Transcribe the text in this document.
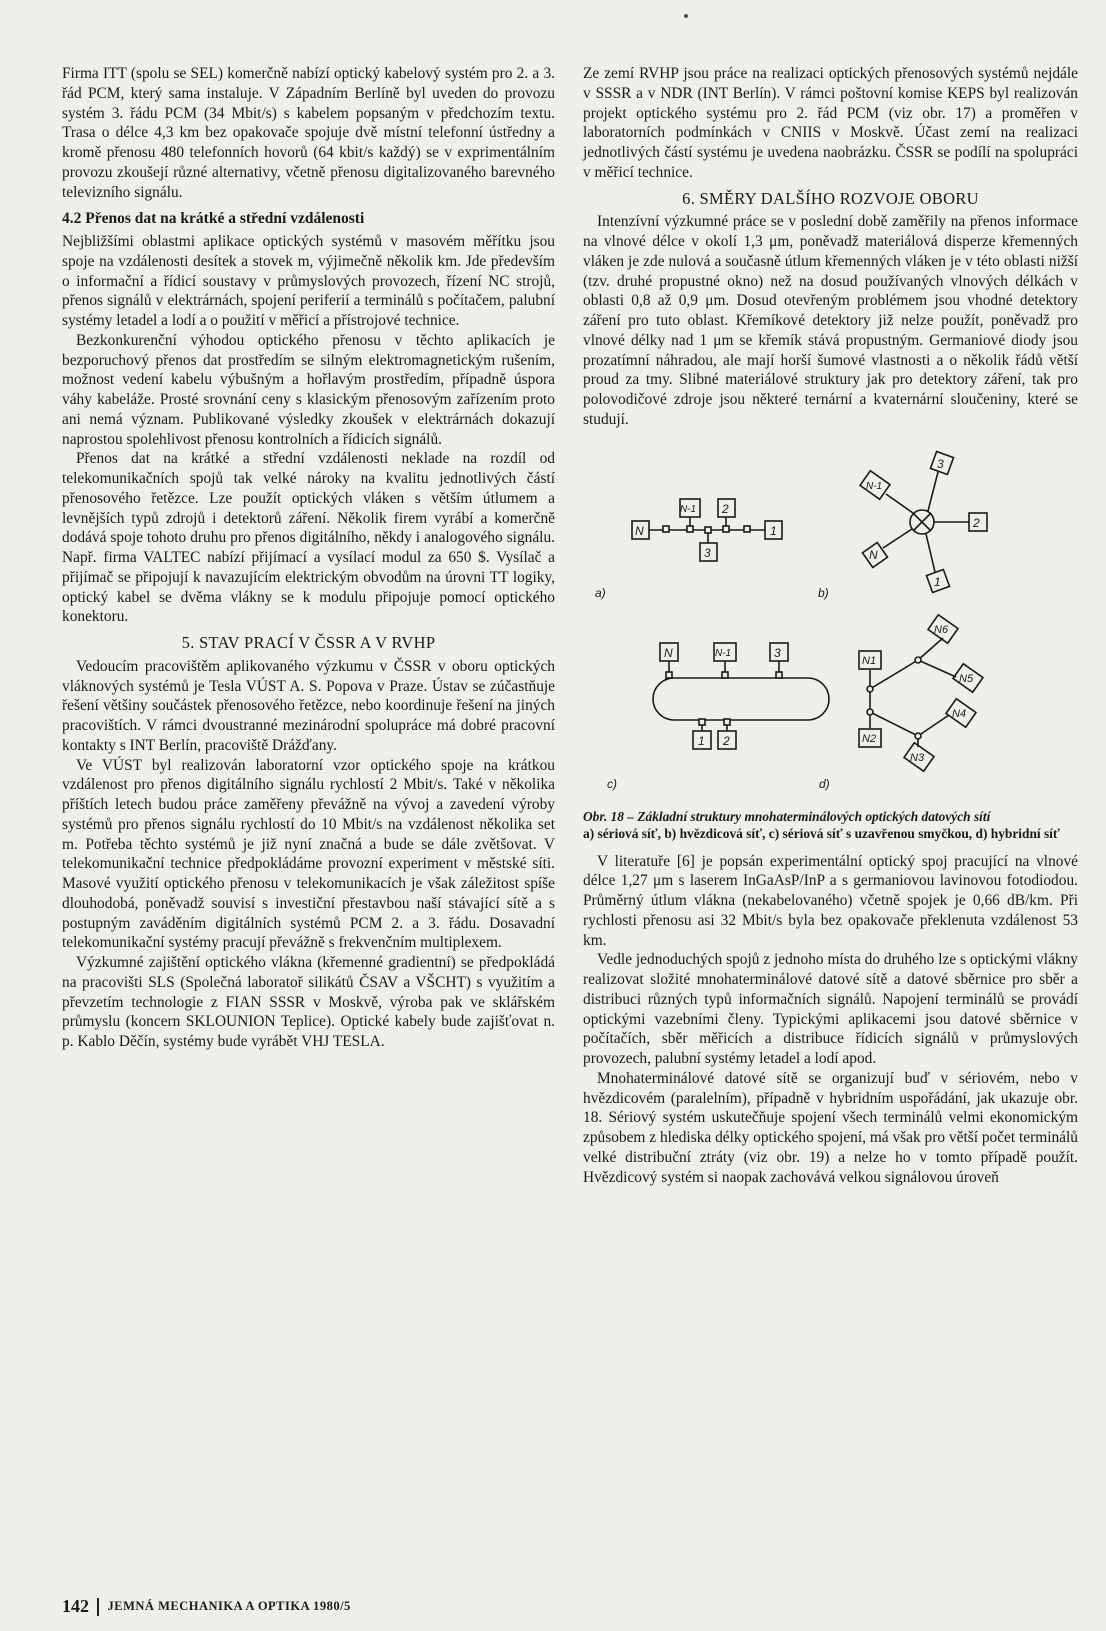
Firma ITT (spolu se SEL) komerčně nabízí optický kabelový systém pro 2. a 3. řád PCM, který sama instaluje. V Západním Berlíně byl uveden do provozu systém 3. řádu PCM (34 Mbit/s) s kabelem popsaným v předchozím textu. Trasa o délce 4,3 km bez opakovače spojuje dvě místní telefonní ústředny a kromě přenosu 480 telefonních hovorů (64 kbit/s každý) se v exprimentálním provozu zkoušejí různé alternativy, včetně přenosu digitalizovaného barevného televizního signálu.

4.2 Přenos dat na krátké a střední vzdálenosti

Nejbližšími oblastmi aplikace optických systémů v masovém měřítku jsou spoje na vzdálenosti desítek a stovek m, výjimečně několik km. Jde především o informační a řídicí soustavy v průmyslových provozech, řízení NC strojů, přenos signálů v elektrárnách, spojení periferií a terminálů s počítačem, palubní systémy letadel a lodí a o použití v měřicí a přístrojové technice.

Bezkonkurenční výhodou optického přenosu v těchto aplikacích je bezporuchový přenos dat prostředím se silným elektromagnetickým rušením, možnost vedení kabelu výbušným a hořlavým prostředím, případně úspora váhy kabeláže. Prosté srovnání ceny s klasickým přenosovým zařízením proto ani nemá význam. Publikované výsledky zkoušek v elektrárnách dokazují naprostou spolehlivost přenosu kontrolních a řídicích signálů.

Přenos dat na krátké a střední vzdálenosti neklade na rozdíl od telekomunikačních spojů tak velké nároky na kvalitu jednotlivých částí přenosového řetězce. Lze použít optických vláken s větším útlumem a levnějších typů zdrojů i detektorů záření. Několik firem vyrábí a komerčně dodává spoje tohoto druhu pro přenos digitálního, někdy i analogového signálu. Např. firma VALTEC nabízí přijímací a vysílací modul za 650 $. Vysílač a přijímač se připojují k navazujícím elektrickým obvodům na úrovni TT logiky, optický kabel se dvěma vlákny se k modulu připojuje pomocí optického konektoru.

5. STAV PRACÍ V ČSSR A V RVHP

Vedoucím pracovištěm aplikovaného výzkumu v ČSSR v oboru optických vláknových systémů je Tesla VÚST A. S. Popova v Praze. Ústav se zúčastňuje řešení většiny součástek přenosového řetězce, nebo koordinuje řešení na jiných pracovištích. V rámci dvoustranné mezinárodní spolupráce má dobré pracovní kontakty s INT Berlín, pracoviště Drážďany.

Ve VÚST byl realizován laboratorní vzor optického spoje na krátkou vzdálenost pro přenos digitálního signálu rychlostí 2 Mbit/s. Také v několika příštích letech budou práce zaměřeny převážně na vývoj a zavedení výroby systémů pro přenos signálu rychlostí do 10 Mbit/s na vzdálenost několika set m. Potřeba těchto systémů je již nyní značná a bude se dále zvětšovat. V telekomunikační technice předpokládáme provozní experiment v městské síti. Masové využití optického přenosu v telekomunikacích je však záležitost spíše dlouhodobá, poněvadž souvisí s investiční přestavbou naší stávající sítě a s postupným zaváděním digitálních systémů PCM 2. a 3. řádu. Dosavadní telekomunikační systémy pracují převážně s frekvenčním multiplexem.

Výzkumné zajištění optického vlákna (křemenné gradientní) se předpokládá na pracovišti SLS (Společná laboratoř silikátů ČSAV a VŠCHT) s využitím a převzetím technologie z FIAN SSSR v Moskvě, výroba pak ve sklářském průmyslu (koncern SKLOUNION Teplice). Optické kabely bude zajišťovat n. p. Kablo Děčín, systémy bude vyrábět VHJ TESLA.

Ze zemí RVHP jsou práce na realizaci optických přenosových systémů nejdále v SSSR a v NDR (INT Berlín). V rámci poštovní komise KEPS byl realizován projekt optického systému pro 2. řád PCM (viz obr. 17) a proměřen v laboratorních podmínkách v CNIIS v Moskvě. Účast zemí na realizaci jednotlivých částí systému je uvedena naobrázku. ČSSR se podílí na spolupráci v měřicí technice.

6. SMĚRY DALŠÍHO ROZVOJE OBORU

Intenzívní výzkumné práce se v poslední době zaměřily na přenos informace na vlnové délce v okolí 1,3 μm, poněvadž materiálová disperze křemenných vláken je zde nulová a současně útlum křemenných vláken je v této oblasti nižší (tzv. druhé propustné okno) než na dosud používaných vlnových délkách v oblasti 0,8 až 0,9 μm. Dosud otevřeným problémem jsou vhodné detektory záření pro tuto oblast. Křemíkové detektory již nelze použít, poněvadž pro vlnové délky nad 1 μm se křemík stává propustným. Germaniové diody jsou prozatímní náhradou, ale mají horší šumové vlastnosti a o několik řádů větší proud za tmy. Slibné materiálové struktury jak pro detektory záření, tak pro polovodičové zdroje jsou některé ternární a kvaternární sloučeniny, které se studují.

N	1
N-1 2
3
a)
2
3
N-1
N
1
b)
N	N-1	3
1 2
c)
N1
N2
N6
N5
N4
N3
d)
Obr. 18 – Základní struktury mnohaterminálových optických datových sítí
a) sériová síť, b) hvězdicová síť, c) sériová síť s uzavřenou smyčkou, d) hybridní síť

V literatuře [6] je popsán experimentální optický spoj pracující na vlnové délce 1,27 μm s laserem InGaAsP/InP a s germaniovou lavinovou fotodiodou. Průměrný útlum vlákna (nekabelovaného) včetně spojek je 0,66 dB/km. Při rychlosti přenosu asi 32 Mbit/s byla bez opakovače překlenuta vzdálenost 53 km.

Vedle jednoduchých spojů z jednoho místa do druhého lze s optickými vlákny realizovat složité mnohaterminálové datové sítě a datové sběrnice pro sběr a distribuci různých typů informačních signálů. Napojení terminálů se provádí optickými vazebními členy. Typickými aplikacemi jsou datové sběrnice v počítačích, sběr měřicích a distribuce řídicích signálů v průmyslových provozech, palubní systémy letadel a lodí apod.

Mnohaterminálové datové sítě se organizují buď v sériovém, nebo v hvězdicovém (paralelním), případně v hybridním uspořádání, jak ukazuje obr. 18. Sériový systém uskutečňuje spojení všech terminálů velmi ekonomickým způsobem z hlediska délky optického spojení, má však pro větší počet terminálů velké distribuční ztráty (viz obr. 19) a nelze ho v tomto případě použít. Hvězdicový systém si naopak zachovává velkou signálovou úroveň

142 JEMNÁ MECHANIKA A OPTIKA 1980/5
